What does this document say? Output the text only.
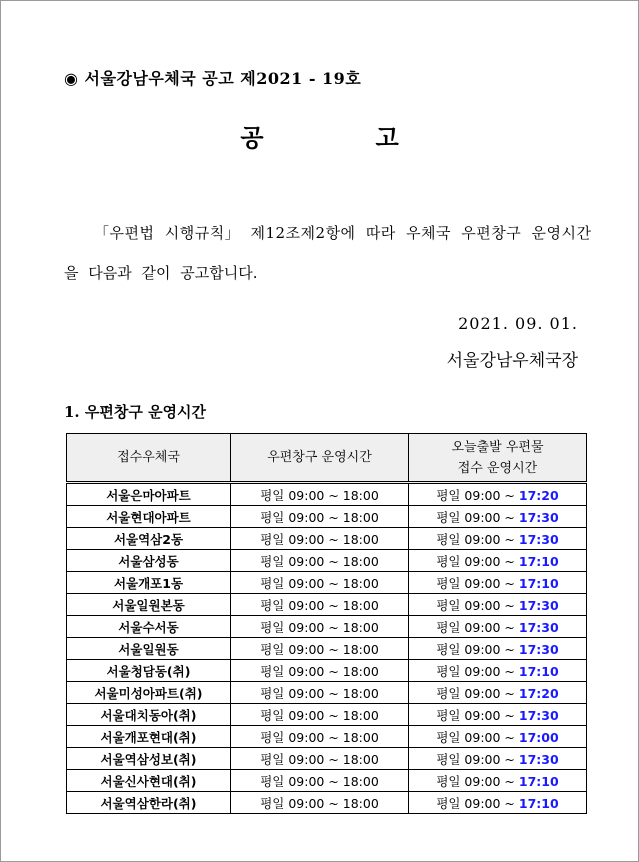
◉ 서울강남우체국 공고 제2021 - 19호
공	고
「우편법 시행규칙」 제12조제2항에 따라 우체국 우편창구 운영시간
을 다음과 같이 공고합니다.
2021. 09. 01.
서울강남우체국장
1. 우편창구 운영시간
접수우체국	우편창구 운영시간	오늘출발 우편물
접수 운영시간
서울은마아파트	평일 09:00 ~ 18:00	평일 09:00 ~ 17:20
서울현대아파트	평일 09:00 ~ 18:00	평일 09:00 ~ 17:30
서울역삼2동	평일 09:00 ~ 18:00	평일 09:00 ~ 17:30
서울삼성동	평일 09:00 ~ 18:00	평일 09:00 ~ 17:10
서울개포1동	평일 09:00 ~ 18:00	평일 09:00 ~ 17:10
서울일원본동	평일 09:00 ~ 18:00	평일 09:00 ~ 17:30
서울수서동	평일 09:00 ~ 18:00	평일 09:00 ~ 17:30
서울일원동	평일 09:00 ~ 18:00	평일 09:00 ~ 17:30
서울청담동(취)	평일 09:00 ~ 18:00	평일 09:00 ~ 17:10
서울미성아파트(취)	평일 09:00 ~ 18:00	평일 09:00 ~ 17:20
서울대치동아(취)	평일 09:00 ~ 18:00	평일 09:00 ~ 17:30
서울개포현대(취)	평일 09:00 ~ 18:00	평일 09:00 ~ 17:00
서울역삼성보(취)	평일 09:00 ~ 18:00	평일 09:00 ~ 17:30
서울신사현대(취)	평일 09:00 ~ 18:00	평일 09:00 ~ 17:10
서울역삼한라(취)	평일 09:00 ~ 18:00	평일 09:00 ~ 17:10
